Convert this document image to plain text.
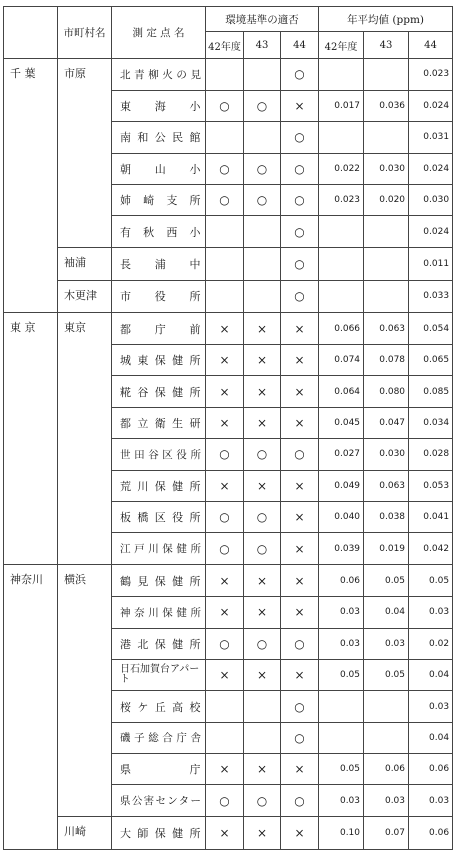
	市町村名	測 定 点 名	環境基準の適否			年平均値 (ppm)		
			42年度	43	44	42年度	43	44
千 葉	市原	北青柳火の見			○			0.023
		東 海 小	○	○	×	0.017	0.036	0.024
		南和公民館			○			0.031
		朝 山 小	○	○	○	0.022	0.030	0.024
		姉崎支所	○	○	○	0.023	0.020	0.030
		有秋西小			○			0.024
	袖浦	長 浦 中			○			0.011
	木更津	市 役 所			○			0.033
東 京	東京	都 庁 前	×	×	×	0.066	0.063	0.054
		城東保健所	×	×	×	0.074	0.078	0.065
		糀谷保健所	×	×	×	0.064	0.080	0.085
		都立衛生研	×	×	×	0.045	0.047	0.034
		世田谷区役所	○	○	○	0.027	0.030	0.028
		荒川保健所	×	×	×	0.049	0.063	0.053
		板橋区役所	○	○	×	0.040	0.038	0.041
		江戸川保健所	○	○	×	0.039	0.019	0.042
神奈川	横浜	鶴見保健所	×	×	×	0.06	0.05	0.05
		神奈川保健所	×	×	×	0.03	0.04	0.03
		港北保健所	○	○	○	0.03	0.03	0.02
		日石加賀台アパート	×	×	×	0.05	0.05	0.04
		桜ケ丘高校			○			0.03
		磯子総合庁舎			○			0.04
		県 庁	×	×	×	0.05	0.06	0.06
		県公害センター	○	○	○	0.03	0.03	0.03
	川崎	大師保健所	×	×	×	0.10	0.07	0.06
